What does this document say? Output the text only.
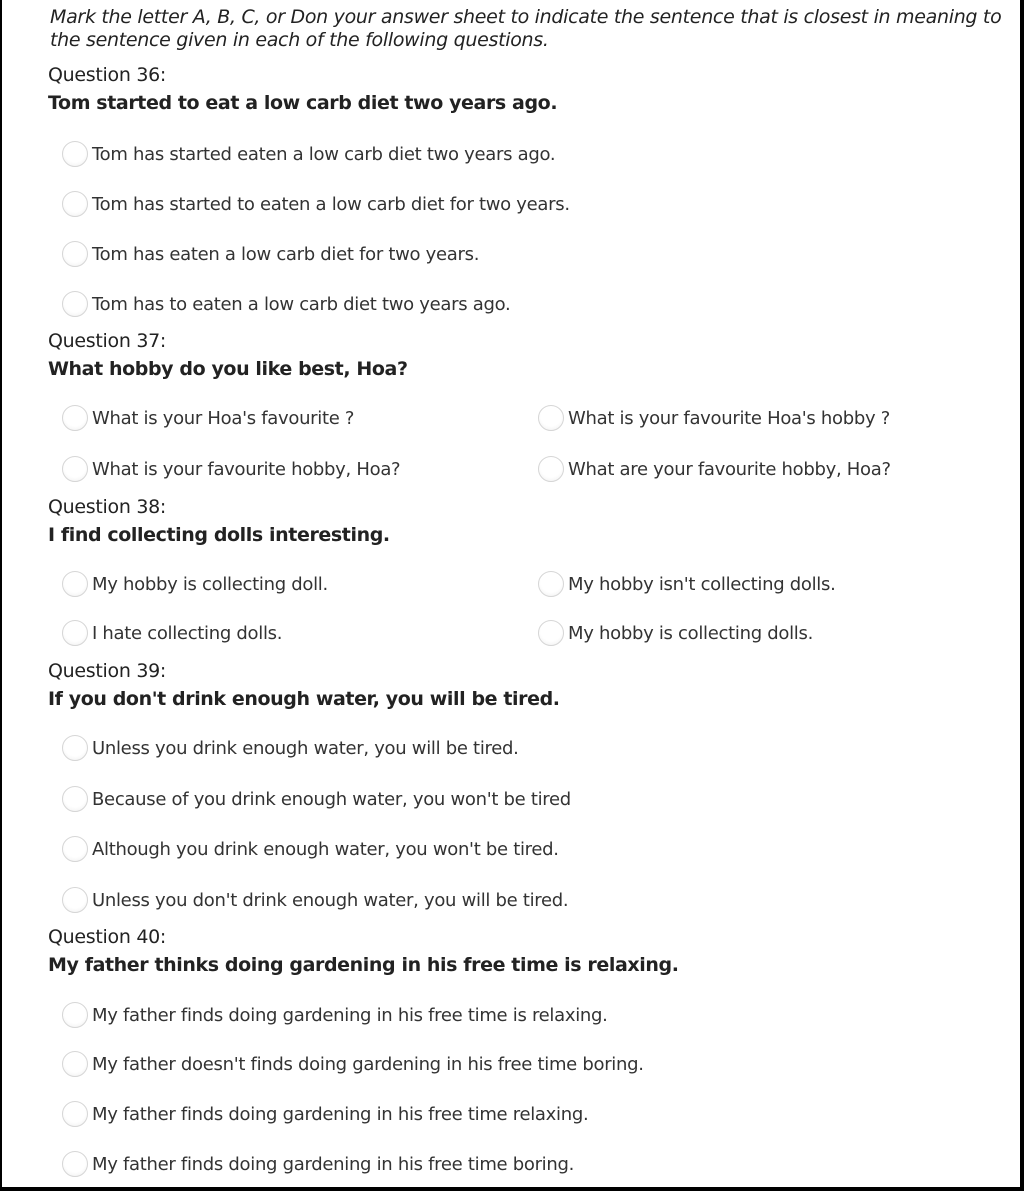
Mark the letter A, B, C, or Don your answer sheet to indicate the sentence that is closest in meaning to the sentence given in each of the following questions.
Question 36:
Tom started to eat a low carb diet two years ago.
Tom has started eaten a low carb diet two years ago.
Tom has started to eaten a low carb diet for two years.
Tom has eaten a low carb diet for two years.
Tom has to eaten a low carb diet two years ago.
Question 37:
What hobby do you like best, Hoa?
What is your Hoa's favourite ?	What is your favourite Hoa's hobby ?
What is your favourite hobby, Hoa?	What are your favourite hobby, Hoa?
Question 38:
I find collecting dolls interesting.
My hobby is collecting doll.	My hobby isn't collecting dolls.
I hate collecting dolls.	My hobby is collecting dolls.
Question 39:
If you don't drink enough water, you will be tired.
Unless you drink enough water, you will be tired.
Because of you drink enough water, you won't be tired
Although you drink enough water, you won't be tired.
Unless you don't drink enough water, you will be tired.
Question 40:
My father thinks doing gardening in his free time is relaxing.
My father finds doing gardening in his free time is relaxing.
My father doesn't finds doing gardening in his free time boring.
My father finds doing gardening in his free time relaxing.
My father finds doing gardening in his free time boring.
